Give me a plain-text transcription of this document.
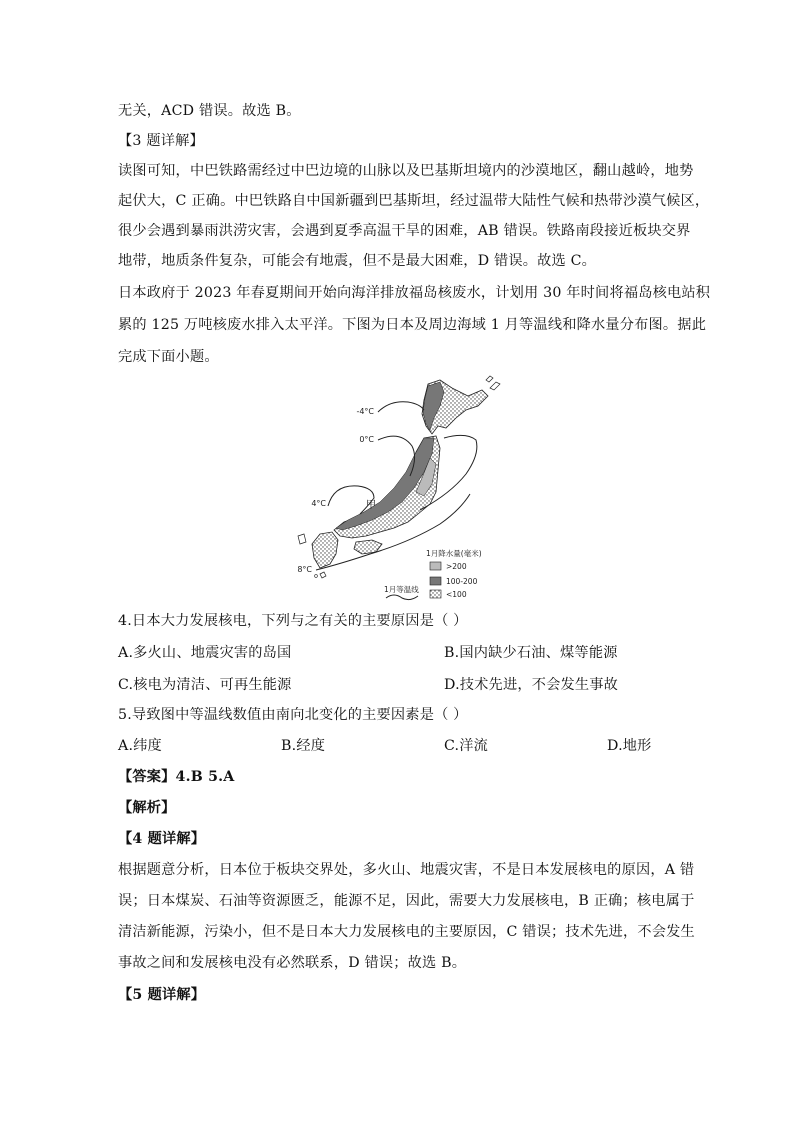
无关，ACD 错误。故选 B。
【3 题详解】
读图可知，中巴铁路需经过中巴边境的山脉以及巴基斯坦境内的沙漠地区，翻山越岭，地势
起伏大，C 正确。中巴铁路自中国新疆到巴基斯坦，经过温带大陆性气候和热带沙漠气候区，
很少会遇到暴雨洪涝灾害，会遇到夏季高温干旱的困难，AB 错误。铁路南段接近板块交界
地带，地质条件复杂，可能会有地震，但不是最大困难，D 错误。故选 C。
日本政府于 2023 年春夏期间开始向海洋排放福岛核废水，计划用 30 年时间将福岛核电站积
累的 125 万吨核废水排入太平洋。下图为日本及周边海域 1 月等温线和降水量分布图。据此
完成下面小题。
-4°C
0°C
4°C
8°C
甲
1月降水量(毫米)
>200
100-200
<100
1月等温线
4.日本大力发展核电，下列与之有关的主要原因是（ ）
A.多火山、地震灾害的岛国	B.国内缺少石油、煤等能源
C.核电为清洁、可再生能源	D.技术先进，不会发生事故
5.导致图中等温线数值由南向北变化的主要因素是（ ）
A.纬度	B.经度	C.洋流	D.地形
【答案】4.B 5.A
【解析】
【4 题详解】
根据题意分析，日本位于板块交界处，多火山、地震灾害，不是日本发展核电的原因，A 错
误；日本煤炭、石油等资源匮乏，能源不足，因此，需要大力发展核电，B 正确；核电属于
清洁新能源，污染小，但不是日本大力发展核电的主要原因，C 错误；技术先进，不会发生
事故之间和发展核电没有必然联系，D 错误；故选 B。
【5 题详解】
